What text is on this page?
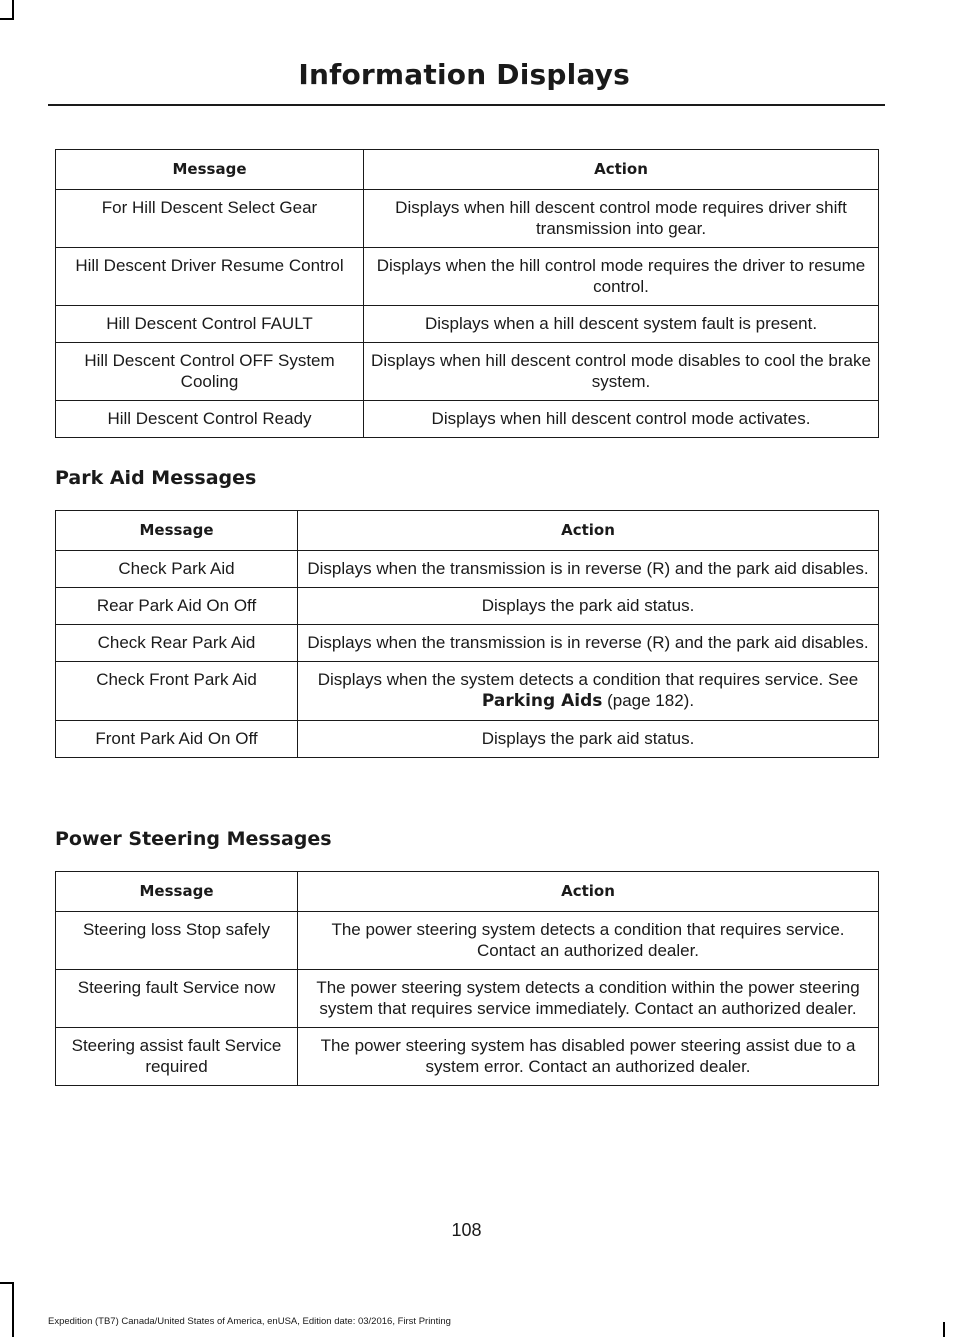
Information Displays
Message	Action
For Hill Descent Select Gear	Displays when hill descent control mode requires driver shift transmission into gear.
Hill Descent Driver Resume Control	Displays when the hill control mode requires the driver to resume control.
Hill Descent Control FAULT	Displays when a hill descent system fault is present.
Hill Descent Control OFF System Cooling	Displays when hill descent control mode disables to cool the brake system.
Hill Descent Control Ready	Displays when hill descent control mode activates.
Park Aid Messages
Message	Action
Check Park Aid	Displays when the transmission is in reverse (R) and the park aid disables.
Rear Park Aid On Off	Displays the park aid status.
Check Rear Park Aid	Displays when the transmission is in reverse (R) and the park aid disables.
Check Front Park Aid	Displays when the system detects a condition that requires service. See Parking Aids (page 182).
Front Park Aid On Off	Displays the park aid status.
Power Steering Messages
Message	Action
Steering loss Stop safely	The power steering system detects a condition that requires service. Contact an authorized dealer.
Steering fault Service now	The power steering system detects a condition within the power steering system that requires service immediately. Contact an authorized dealer.
Steering assist fault Service required	The power steering system has disabled power steering assist due to a system error. Contact an authorized dealer.
108
Expedition (TB7) Canada/United States of America, enUSA, Edition date: 03/2016, First Printing
